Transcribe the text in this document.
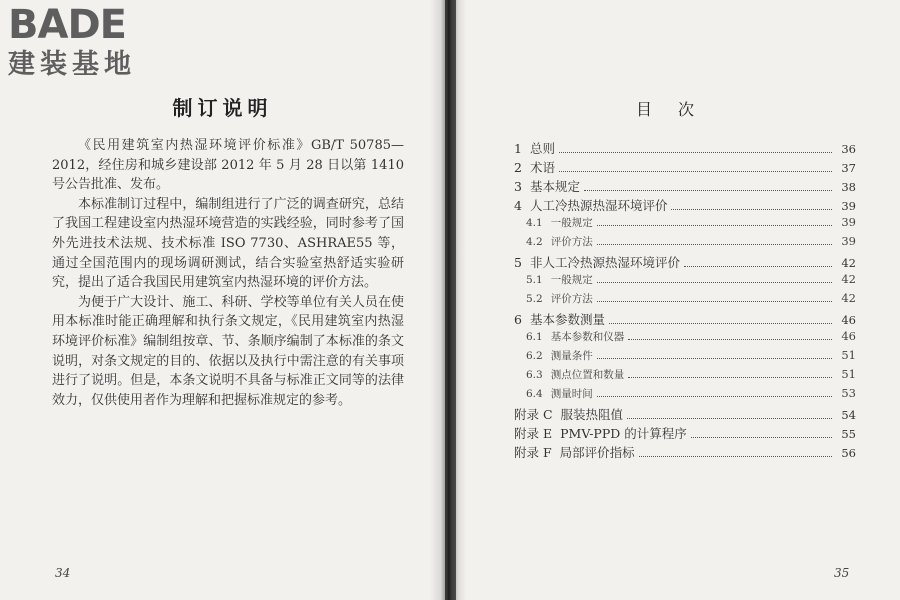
BADE
建装基地
制订说明

《民用建筑室内热湿环境评价标准》GB/T 50785—2012，经住房和城乡建设部 2012 年 5 月 28 日以第 1410 号公告批准、发布。

本标准制订过程中，编制组进行了广泛的调查研究，总结了我国工程建设室内热湿环境营造的实践经验，同时参考了国外先进技术法规、技术标准 ISO 7730、ASHRAE55 等，通过全国范围内的现场调研测试，结合实验室热舒适实验研究，提出了适合我国民用建筑室内热湿环境的评价方法。

为便于广大设计、施工、科研、学校等单位有关人员在使用本标准时能正确理解和执行条文规定，《民用建筑室内热湿环境评价标准》编制组按章、节、条顺序编制了本标准的条文说明，对条文规定的目的、依据以及执行中需注意的有关事项进行了说明。但是，本条文说明不具备与标准正文同等的法律效力，仅供使用者作为理解和把握标准规定的参考。

34
目次
1 总则	36
2 术语	37
3 基本规定	38
4 人工冷热源热湿环境评价	39
4.1 一般规定	39
4.2 评价方法	39
5 非人工冷热源热湿环境评价	42
5.1 一般规定	42
5.2 评价方法	42
6 基本参数测量	46
6.1 基本参数和仪器	46
6.2 测量条件	51
6.3 测点位置和数量	51
6.4 测量时间	53
附录 C 服装热阻值	54
附录 E PMV-PPD 的计算程序	55
附录 F 局部评价指标	56
35
